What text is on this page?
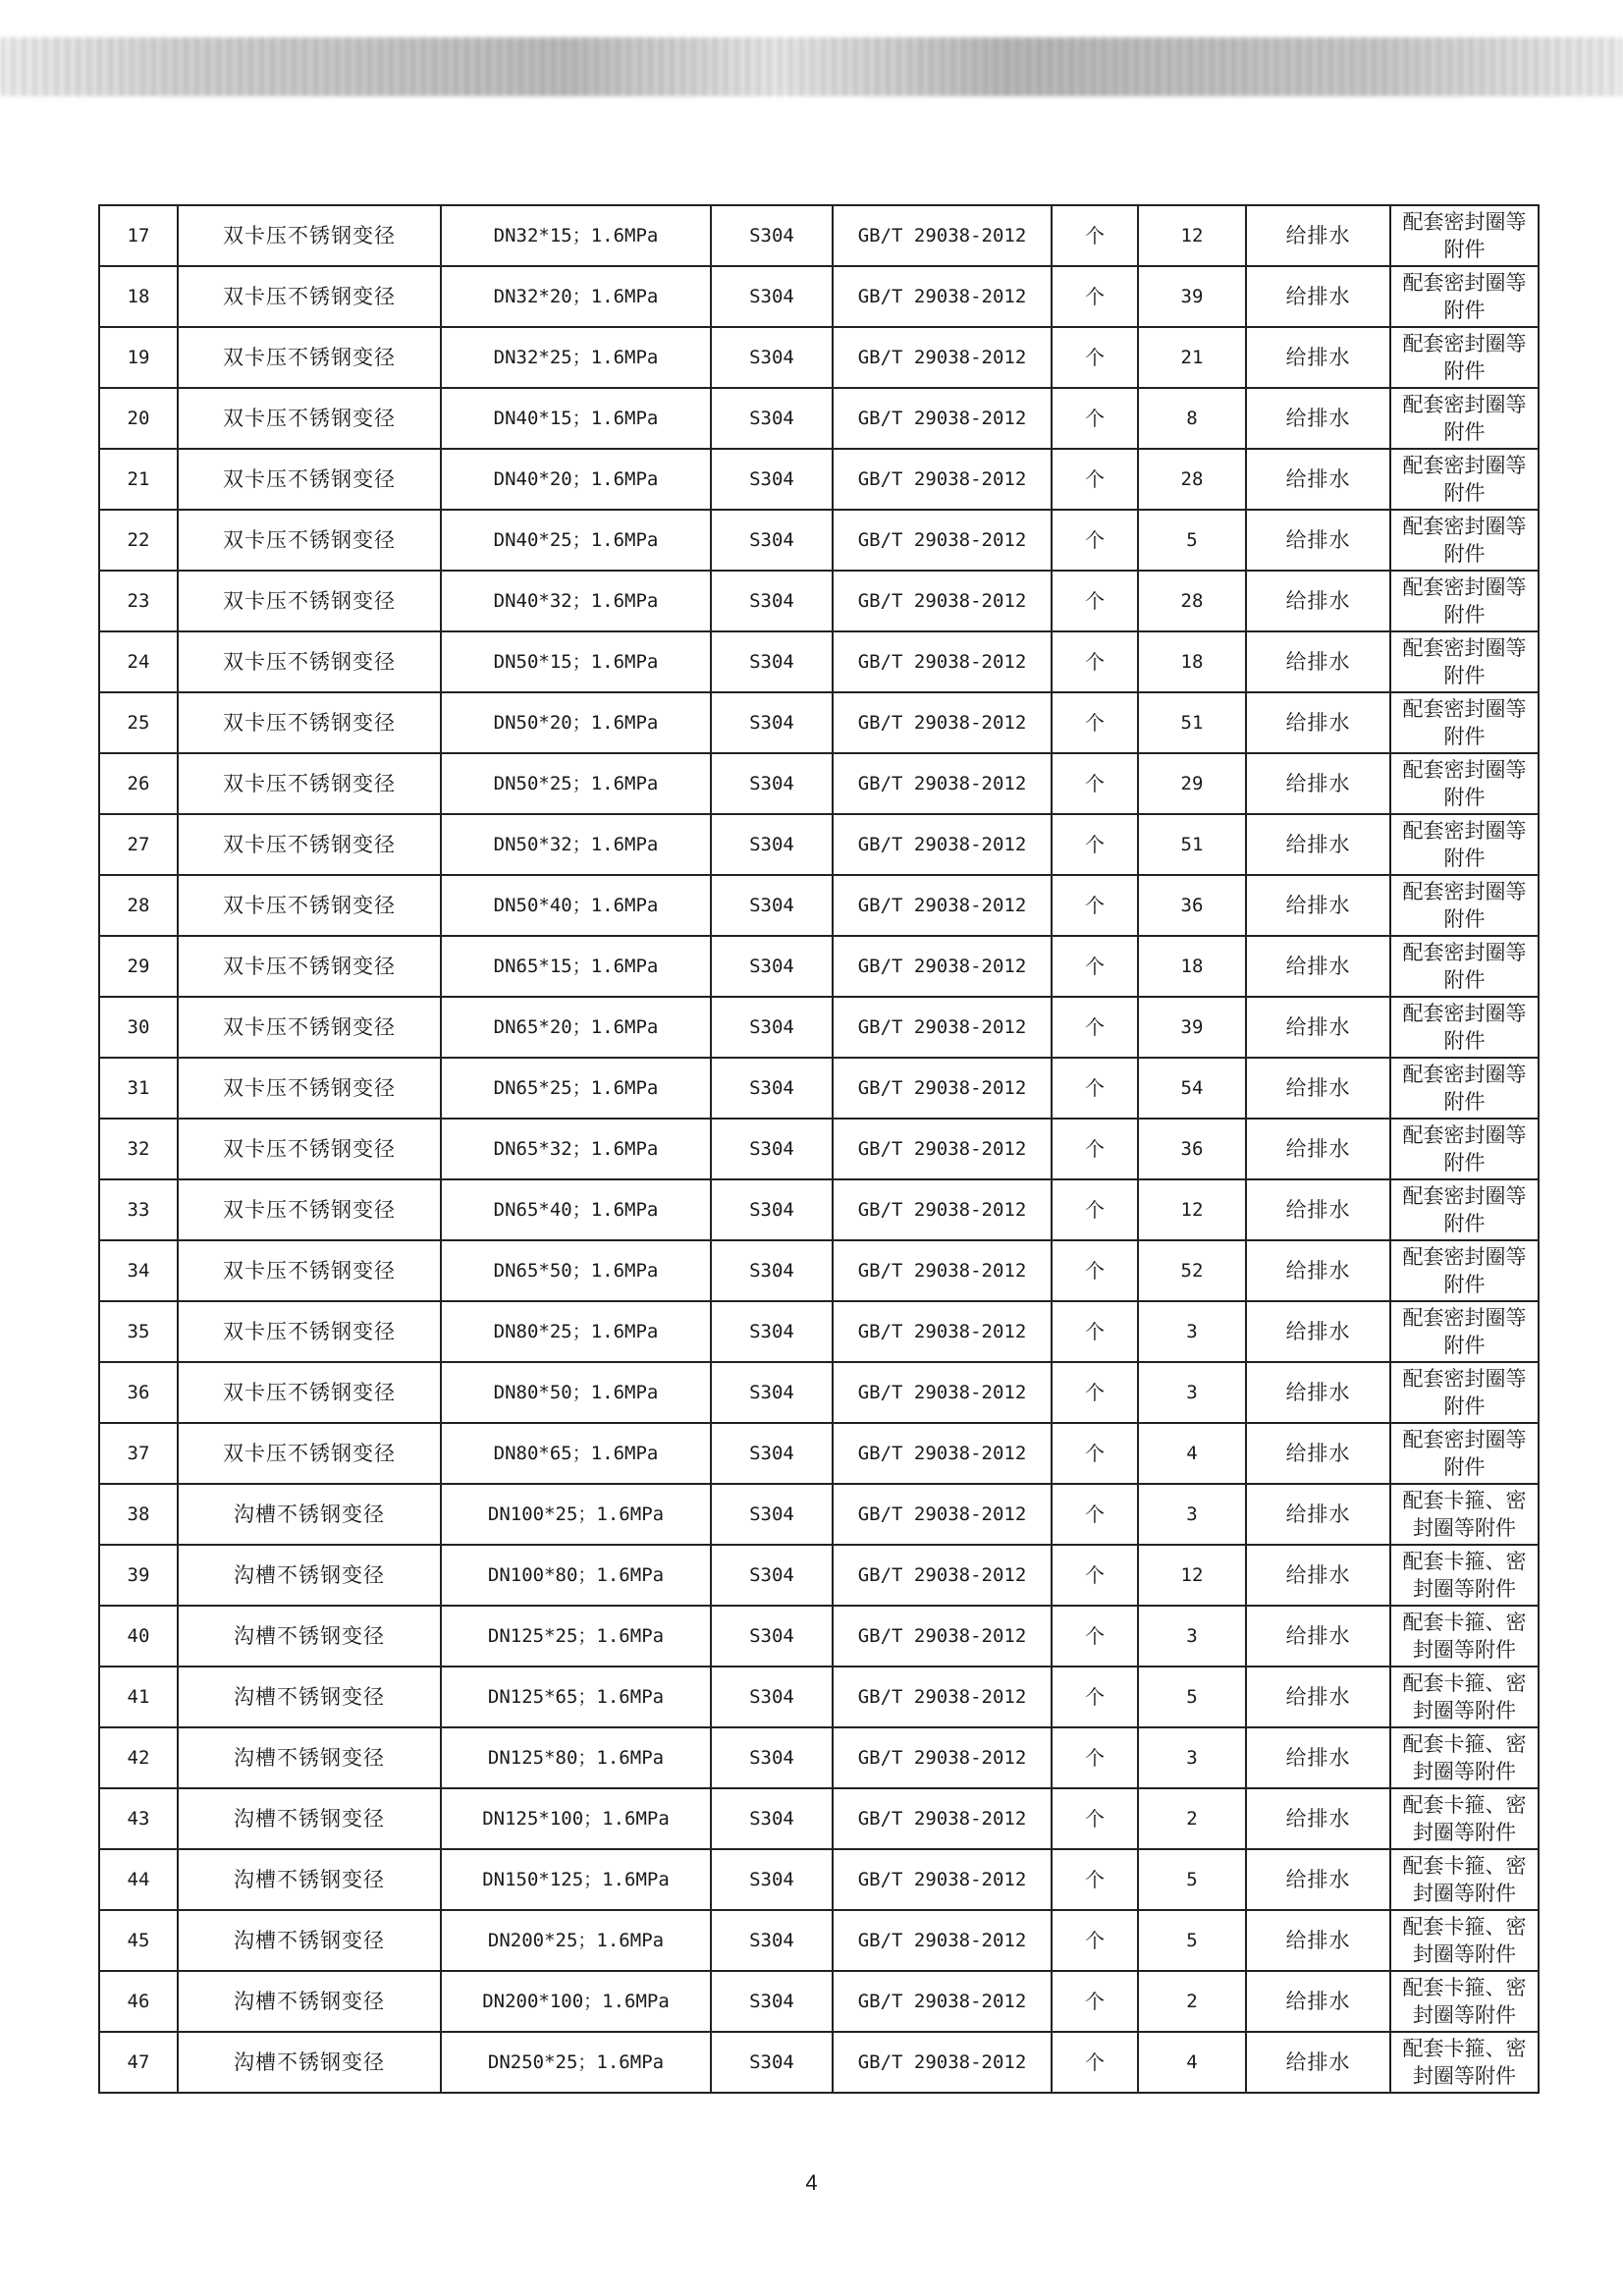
17	双卡压不锈钢变径	DN32*15；1.6MPa	S304	GB/T 29038-2012	个	12	给排水	配套密封圈等附件
18	双卡压不锈钢变径	DN32*20；1.6MPa	S304	GB/T 29038-2012	个	39	给排水	配套密封圈等附件
19	双卡压不锈钢变径	DN32*25；1.6MPa	S304	GB/T 29038-2012	个	21	给排水	配套密封圈等附件
20	双卡压不锈钢变径	DN40*15；1.6MPa	S304	GB/T 29038-2012	个	8	给排水	配套密封圈等附件
21	双卡压不锈钢变径	DN40*20；1.6MPa	S304	GB/T 29038-2012	个	28	给排水	配套密封圈等附件
22	双卡压不锈钢变径	DN40*25；1.6MPa	S304	GB/T 29038-2012	个	5	给排水	配套密封圈等附件
23	双卡压不锈钢变径	DN40*32；1.6MPa	S304	GB/T 29038-2012	个	28	给排水	配套密封圈等附件
24	双卡压不锈钢变径	DN50*15；1.6MPa	S304	GB/T 29038-2012	个	18	给排水	配套密封圈等附件
25	双卡压不锈钢变径	DN50*20；1.6MPa	S304	GB/T 29038-2012	个	51	给排水	配套密封圈等附件
26	双卡压不锈钢变径	DN50*25；1.6MPa	S304	GB/T 29038-2012	个	29	给排水	配套密封圈等附件
27	双卡压不锈钢变径	DN50*32；1.6MPa	S304	GB/T 29038-2012	个	51	给排水	配套密封圈等附件
28	双卡压不锈钢变径	DN50*40；1.6MPa	S304	GB/T 29038-2012	个	36	给排水	配套密封圈等附件
29	双卡压不锈钢变径	DN65*15；1.6MPa	S304	GB/T 29038-2012	个	18	给排水	配套密封圈等附件
30	双卡压不锈钢变径	DN65*20；1.6MPa	S304	GB/T 29038-2012	个	39	给排水	配套密封圈等附件
31	双卡压不锈钢变径	DN65*25；1.6MPa	S304	GB/T 29038-2012	个	54	给排水	配套密封圈等附件
32	双卡压不锈钢变径	DN65*32；1.6MPa	S304	GB/T 29038-2012	个	36	给排水	配套密封圈等附件
33	双卡压不锈钢变径	DN65*40；1.6MPa	S304	GB/T 29038-2012	个	12	给排水	配套密封圈等附件
34	双卡压不锈钢变径	DN65*50；1.6MPa	S304	GB/T 29038-2012	个	52	给排水	配套密封圈等附件
35	双卡压不锈钢变径	DN80*25；1.6MPa	S304	GB/T 29038-2012	个	3	给排水	配套密封圈等附件
36	双卡压不锈钢变径	DN80*50；1.6MPa	S304	GB/T 29038-2012	个	3	给排水	配套密封圈等附件
37	双卡压不锈钢变径	DN80*65；1.6MPa	S304	GB/T 29038-2012	个	4	给排水	配套密封圈等附件
38	沟槽不锈钢变径	DN100*25；1.6MPa	S304	GB/T 29038-2012	个	3	给排水	配套卡箍、密封圈等附件
39	沟槽不锈钢变径	DN100*80；1.6MPa	S304	GB/T 29038-2012	个	12	给排水	配套卡箍、密封圈等附件
40	沟槽不锈钢变径	DN125*25；1.6MPa	S304	GB/T 29038-2012	个	3	给排水	配套卡箍、密封圈等附件
41	沟槽不锈钢变径	DN125*65；1.6MPa	S304	GB/T 29038-2012	个	5	给排水	配套卡箍、密封圈等附件
42	沟槽不锈钢变径	DN125*80；1.6MPa	S304	GB/T 29038-2012	个	3	给排水	配套卡箍、密封圈等附件
43	沟槽不锈钢变径	DN125*100；1.6MPa	S304	GB/T 29038-2012	个	2	给排水	配套卡箍、密封圈等附件
44	沟槽不锈钢变径	DN150*125；1.6MPa	S304	GB/T 29038-2012	个	5	给排水	配套卡箍、密封圈等附件
45	沟槽不锈钢变径	DN200*25；1.6MPa	S304	GB/T 29038-2012	个	5	给排水	配套卡箍、密封圈等附件
46	沟槽不锈钢变径	DN200*100；1.6MPa	S304	GB/T 29038-2012	个	2	给排水	配套卡箍、密封圈等附件
47	沟槽不锈钢变径	DN250*25；1.6MPa	S304	GB/T 29038-2012	个	4	给排水	配套卡箍、密封圈等附件
4
